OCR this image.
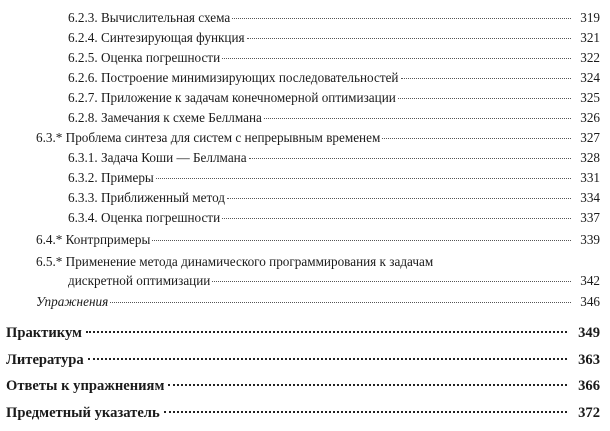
6.2.3. Вычислительная схема	319
6.2.4. Синтезирующая функция	321
6.2.5. Оценка погрешности	322
6.2.6. Построение минимизирующих последовательностей	324
6.2.7. Приложение к задачам конечномерной оптимизации	325
6.2.8. Замечания к схеме Беллмана	326
6.3.* Проблема синтеза для систем с непрерывным временем	327
6.3.1. Задача Коши — Беллмана	328
6.3.2. Примеры	331
6.3.3. Приближенный метод	334
6.3.4. Оценка погрешности	337
6.4.* Контрпримеры	339
6.5.* Применение метода динамического программирования к задачам
дискретной оптимизации	342
Упражнения	346
Практикум	349
Литература	363
Ответы к упражнениям	366
Предметный указатель	372
